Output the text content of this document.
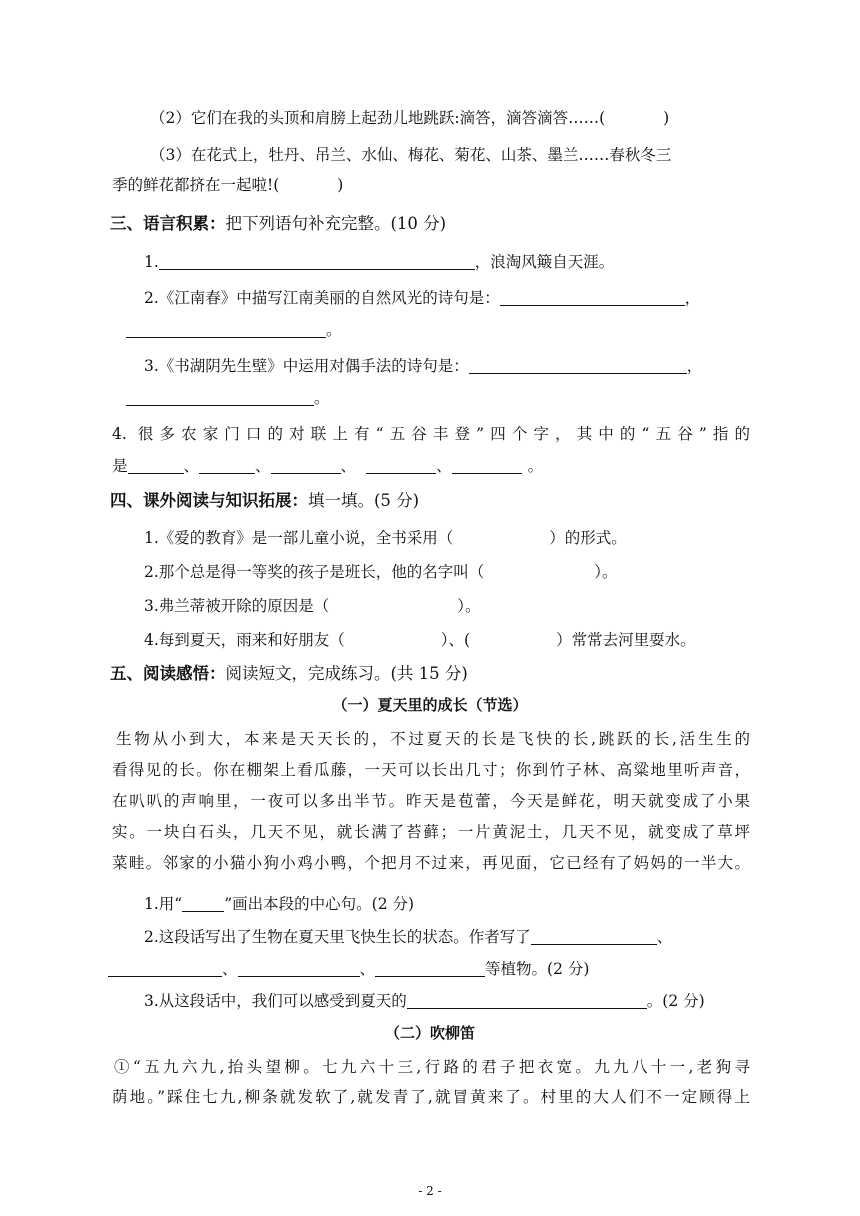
（2）它们在我的头顶和肩膀上起劲儿地跳跃:滴答，滴答滴答……(	)
（3）在花式上，牡丹、吊兰、水仙、梅花、菊花、山茶、墨兰……春秋冬三
季的鲜花都挤在一起啦!(	)
三、语言积累：把下列语句补充完整。(10 分)
1.	，浪淘风簸自天涯。
2.《江南春》中描写江南美丽的自然风光的诗句是：	，
。
3.《书湖阴先生壁》中运用对偶手法的诗句是：	，
。
4. 很多农家门口的对联上有“五谷丰登”四个字，其中的“五谷”指的
是	、	、	、	、	。
四、课外阅读与知识拓展：填一填。(5 分)
1.《爱的教育》是一部儿童小说，全书采用（	）的形式。
2.那个总是得一等奖的孩子是班长，他的名字叫（	）。
3.弗兰蒂被开除的原因是（	）。
4.每到夏天，雨来和好朋友（	）、(	）常常去河里耍水。
五、阅读感悟：阅读短文，完成练习。(共 15 分)
（一）夏天里的成长（节选）
生物从小到大，本来是天天长的，不过夏天的长是飞快的长,跳跃的长,活生生的
看得见的长。你在棚架上看瓜藤，一天可以长出几寸；你到竹子林、高粱地里听声音，
在叭叭的声响里，一夜可以多出半节。昨天是苞蕾，今天是鲜花，明天就变成了小果
实。一块白石头，几天不见，就长满了苔藓；一片黄泥土，几天不见，就变成了草坪
菜畦。邻家的小猫小狗小鸡小鸭，个把月不过来，再见面，它已经有了妈妈的一半大。
1.用“	”画出本段的中心句。(2 分)
2.这段话写出了生物在夏天里飞快生长的状态。作者写了	、
、	、	等植物。(2 分)
3.从这段话中，我们可以感受到夏天的	。(2 分)
（二）吹柳笛
①“五九六九,抬头望柳。七九六十三,行路的君子把衣宽。九九八十一,老狗寻
荫地。”踩住七九,柳条就发软了,就发青了,就冒黄来了。村里的大人们不一定顾得上
- 2 -
